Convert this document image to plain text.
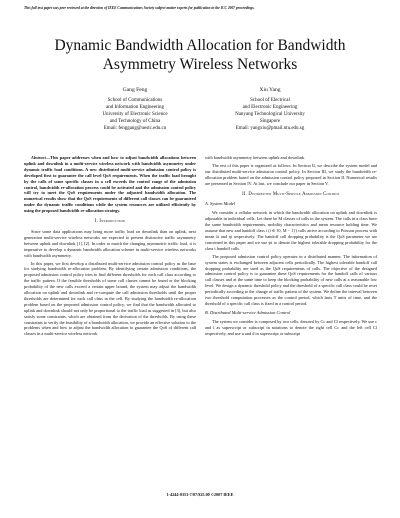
This full text paper was peer reviewed at the direction of IEEE Communications Society subject matter experts for publication in the ICC 2007 proceedings.
Dynamic Bandwidth Allocation for Bandwidth
Asymmetry Wireless Networks
Gang Feng
School of Communications
and Information Engineering
University of Electronic Science
and Technology of China
Email: fenggang@uestc.edu.cn
Xiu Yang
School of Electrical
and Electronic Engineering
Nanyang Technological University
Singapore
Email: yangxiu@pmail.ntu.edu.sg

Abstract—This paper addresses when and how to adjust bandwidth allocations between uplink and downlink in a multi-service wireless network with bandwidth asymmetry under dynamic traffic load conditions. A new distributed multi-service admission control policy is developed first to guarantee the call level QoS requirements. When the traffic load brought by the calls of some specific classes in a cell exceeds the control range of the admission control, bandwidth re-allocation process could be activated and the admission control policy will try to meet the QoS requirements under the adjusted bandwidth allocation. The numerical results show that the QoS requirements of different call classes can be guaranteed under the dynamic traffic conditions while the system resources are utilized efficiently by using the proposed bandwidth re-allocation strategy.

I. Introduction

Since some data applications may bring more traffic load on downlink than on uplink, next generation multi-service wireless networks are expected to present distinctive traffic asymmetry between uplink and downlink [1], [2]. In order to match the changing asymmetric traffic load, it is imperative to develop a dynamic bandwidth allocation scheme in multi-service wireless networks with bandwidth asymmetry.

In this paper, we first develop a distributed multi-service admission control policy as the base for studying bandwidth re-allocation problem. By identifying certain admission conditions, the proposed admission control policy tries to find different thresholds for each call class according to the traffic pattern. If the feasible thresholds of some call classes cannot be found or the blocking probability of the new calls exceed a certain upper bound, the system may adjust the bandwidth allocation on uplink and downlink and re-compute the call admission thresholds until the proper thresholds are determined for each call class in the cell. By studying the bandwidth re-allocation problem based on the proposed admission control policy, we find that the bandwidth allocated to uplink and downlink should not only be proportional to the traffic load as suggested in [3], but also satisfy some constraints, which are obtained from the derivation of the thresholds. By using these constraints to verify the feasibility of a bandwidth allocation, we provide an effective solution to the problems when and how to adjust the bandwidth allocation to guarantee the QoS of different call classes in a multi-service wireless network

with bandwidth asymmetry between uplink and downlink.

The rest of this paper is organized as follows. In Section II, we describe the system model and our distributed multi-service admission control policy. In Section III, we study the bandwidth re-allocation problem based on the admission control policy proposed in Section II. Numerical results are presented in Section IV. At last, we conclude our paper in Section V.

II. Distributed Multi-Service Admission Control
A. System Model

We consider a cellular network in which the bandwidth allocation on uplink and downlink is adjustable in individual cells. Let there be M classes of calls in the system. The calls in a class have the same bandwidth requirements, mobility characteristics and mean resource holding time. We assume that new and handoff class i (i ∈ {0, M − 1}) calls arrive according to Poisson process with mean λi and ηi respectively. The handoff call dropping probability is the QoS parameter we are concerned in this paper and we use ψi to denote the highest tolerable dropping probability for the class i handoff calls.

The proposed admission control policy operates in a distributed manner. The information of system states is exchanged between adjacent cells periodically. The highest tolerable handoff call dropping probability are used as the QoS requirements of calls. The objective of the designed admission control policy is to guarantee these QoS requirements for the handoff calls of various call classes and at the same time to keep the blocking probability of new calls at a reasonable low level. We design a dynamic threshold policy and the threshold of a specific call class could be reset periodically according to the change of traffic pattern of the system. We define the interval between two threshold computation processes as the control period, which lasts T units of time, and the threshold of a specific call class is fixed in a control period.

B. Distributed Multi-service Admission Control

The system we consider is composed by two cells, denoted by Cc and Cl respectively. We use c and l as superscript or subscript in notations to denote the right cell Cc and the left cell Cl respectively, and use u and d in superscript or subscript

1-4244-0353-7/07/$25.00 ©2007 IEEE
